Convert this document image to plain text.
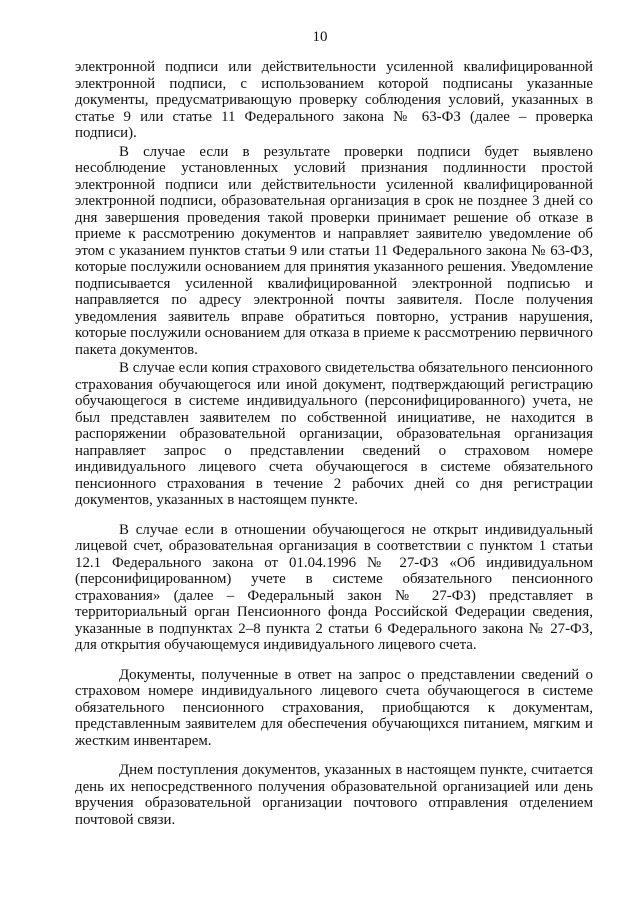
10

электронной подписи или действительности усиленной квалифицированной электронной подписи, с использованием которой подписаны указанные документы, предусматривающую проверку соблюдения условий, указанных в статье 9 или статье 11 Федерального закона № 63-ФЗ (далее – проверка подписи).

В случае если в результате проверки подписи будет выявлено несоблюдение установленных условий признания подлинности простой электронной подписи или действительности усиленной квалифицированной электронной подписи, образовательная организация в срок не позднее 3 дней со дня завершения проведения такой проверки принимает решение об отказе в приеме к рассмотрению документов и направляет заявителю уведомление об этом с указанием пунктов статьи 9 или статьи 11 Федерального закона № 63-ФЗ, которые послужили основанием для принятия указанного решения. Уведомление подписывается усиленной квалифицированной электронной подписью и направляется по адресу электронной почты заявителя. После получения уведомления заявитель вправе обратиться повторно, устранив нарушения, которые послужили основанием для отказа в приеме к рассмотрению первичного пакета документов.

В случае если копия страхового свидетельства обязательного пенсионного страхования обучающегося или иной документ, подтверждающий регистрацию обучающегося в системе индивидуального (персонифицированного) учета, не был представлен заявителем по собственной инициативе, не находится в распоряжении образовательной организации, образовательная организация направляет запрос о представлении сведений о страховом номере индивидуального лицевого счета обучающегося в системе обязательного пенсионного страхования в течение 2 рабочих дней со дня регистрации документов, указанных в настоящем пункте.

В случае если в отношении обучающегося не открыт индивидуальный лицевой счет, образовательная организация в соответствии с пунктом 1 статьи 12.1 Федерального закона от 01.04.1996 № 27-ФЗ «Об индивидуальном (персонифицированном) учете в системе обязательного пенсионного страхования» (далее – Федеральный закон № 27-ФЗ) представляет в территориальный орган Пенсионного фонда Российской Федерации сведения, указанные в подпунктах 2–8 пункта 2 статьи 6 Федерального закона № 27-ФЗ, для открытия обучающемуся индивидуального лицевого счета.

Документы, полученные в ответ на запрос о представлении сведений о страховом номере индивидуального лицевого счета обучающегося в системе обязательного пенсионного страхования, приобщаются к документам, представленным заявителем для обеспечения обучающихся питанием, мягким и жестким инвентарем.

Днем поступления документов, указанных в настоящем пункте, считается день их непосредственного получения образовательной организацией или день вручения образовательной организации почтового отправления отделением почтовой связи.
